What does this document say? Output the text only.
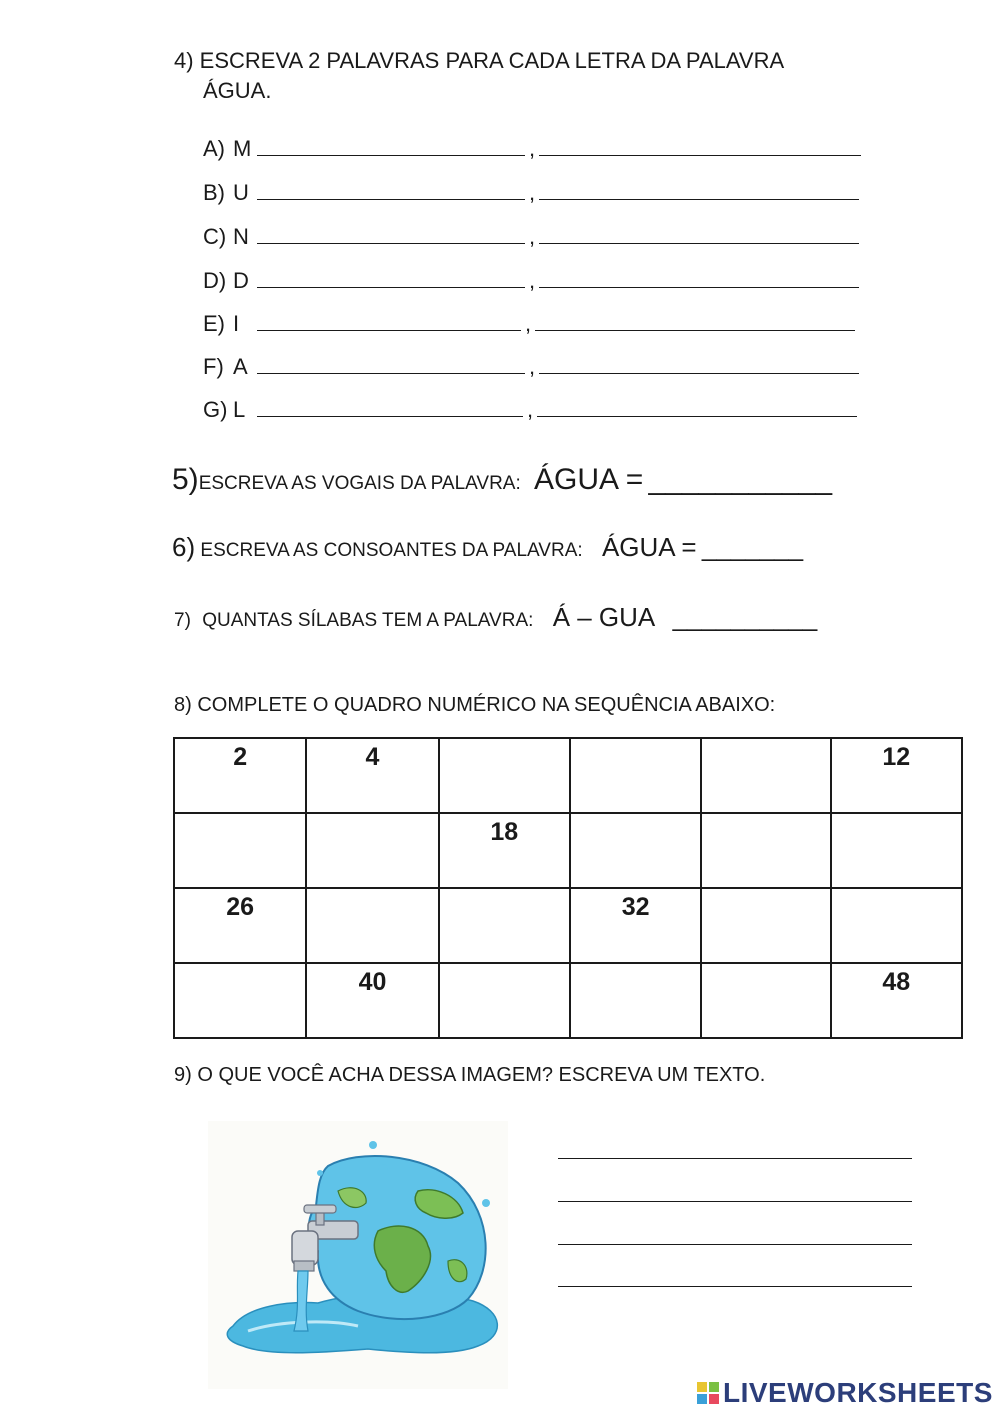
4) ESCREVA 2 PALAVRAS PARA CADA LETRA DA PALAVRA
ÁGUA.
A) M	,
B) U	,
C) N	,
D) D	,
E) I	,
F) A	,
G) L	,
5)ESCREVA AS VOGAIS DA PALAVRA: ÁGUA = ___________
6) ESCREVA AS CONSOANTES DA PALAVRA: ÁGUA = _______
7) QUANTAS SÍLABAS TEM A PALAVRA: Á – GUA __________
8) COMPLETE O QUADRO NUMÉRICO NA SEQUÊNCIA ABAIXO:
2	4				12
		18			
26			32		
	40				48
9) O QUE VOCÊ ACHA DESSA IMAGEM? ESCREVA UM TEXTO.
LIVEWORKSHEETS
